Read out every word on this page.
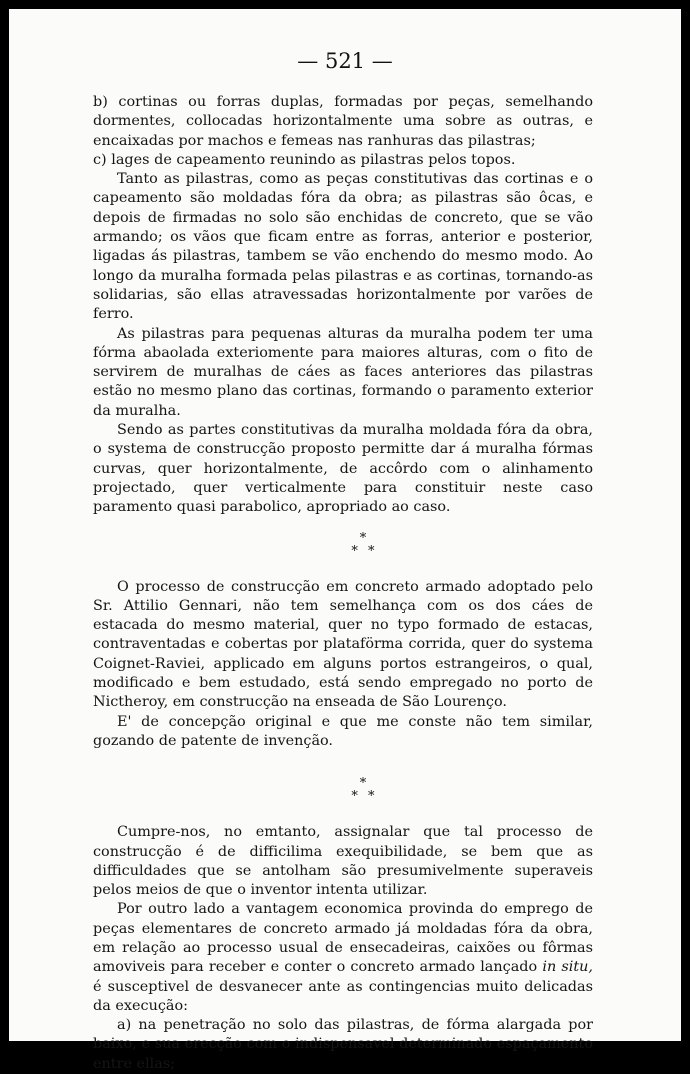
— 521 —

b) cortinas ou forras duplas, formadas por peças, semelhando dormentes, collocadas horizontalmente uma sobre as outras, e encaixadas por machos e femeas nas ranhuras das pilastras;

c) lages de capeamento reunindo as pilastras pelos topos.

Tanto as pilastras, como as peças constitutivas das cortinas e o capeamento são moldadas fóra da obra; as pilastras são ôcas, e depois de firmadas no solo são enchidas de concreto, que se vão armando; os vãos que ficam entre as forras, anterior e posterior, ligadas ás pilastras, tambem se vão enchendo do mesmo modo. Ao longo da muralha formada pelas pilastras e as cortinas, tornando-as solidarias, são ellas atravessadas horizontalmente por varões de ferro.

As pilastras para pequenas alturas da muralha podem ter uma fórma abaolada exteriomente para maiores alturas, com o fito de servirem de muralhas de cáes as faces anteriores das pilastras estão no mesmo plano das cortinas, formando o paramento exterior da muralha.

Sendo as partes constitutivas da muralha moldada fóra da obra, o systema de construcção proposto permitte dar á muralha fórmas curvas, quer horizontalmente, de accôrdo com o alinhamento projectado, quer verticalmente para constituir neste caso paramento quasi parabolico, apropriado ao caso.

*
* *

O processo de construcção em concreto armado adoptado pelo Sr. Attilio Gennari, não tem semelhança com os dos cáes de estacada do mesmo material, quer no typo formado de estacas, contraventadas e cobertas por plataförma corrida, quer do systema Coignet-Raviei, applicado em alguns portos estrangeiros, o qual, modificado e bem estudado, está sendo empregado no porto de Nictheroy, em construcção na enseada de São Lourenço.

E' de concepção original e que me conste não tem similar, gozando de patente de invenção.

*
* *

Cumpre-nos, no emtanto, assignalar que tal processo de construcção é de difficilima exequibilidade, se bem que as difficuldades que se antolham são presumivelmente superaveis pelos meios de que o inventor intenta utilizar.

Por outro lado a vantagem economica provinda do emprego de peças elementares de concreto armado já moldadas fóra da obra, em relação ao processo usual de ensecadeiras, caixões ou fôrmas amoviveis para receber e conter o concreto armado lançado in situ, é susceptivel de desvanecer ante as contingencias muito delicadas da execução:

a) na penetração no solo das pilastras, de fórma alargada por baixo, e sua erecção com o indispensavel determinado espaçamento entre ellas;
